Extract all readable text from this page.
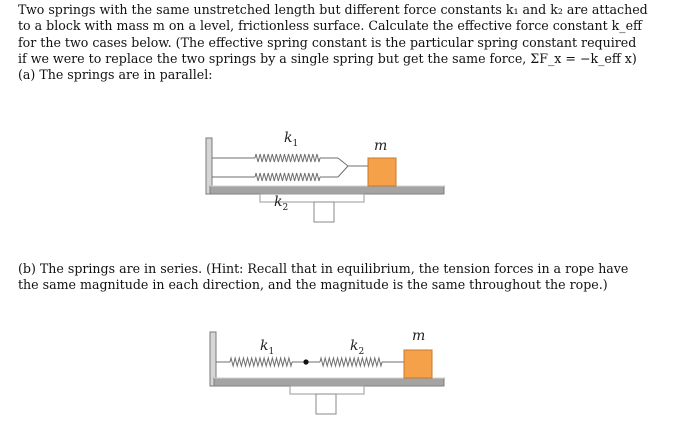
Two springs with the same unstretched length but different force constants k₁ and k₂ are attached
to a block with mass m on a level, frictionless surface. Calculate the effective force constant k_eff
for the two cases below. (The effective spring constant is the particular spring constant required
if we were to replace the two springs by a single spring but get the same force, ΣF_x = −k_eff x)
(a) The springs are in parallel:
$k_1$
$k_2$
m
(b) The springs are in series. (Hint: Recall that in equilibrium, the tension forces in a rope have
the same magnitude in each direction, and the magnitude is the same throughout the rope.)
$k_1$	$k_2$
m
